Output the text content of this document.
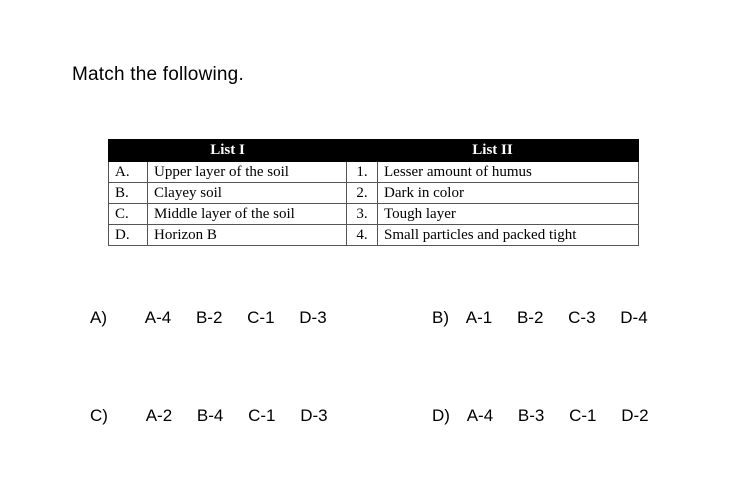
Match the following.
List I		List II	
A.	Upper layer of the soil	1.	Lesser amount of humus
B.	Clayey soil	2.	Dark in color
C.	Middle layer of the soil	3.	Tough layer
D.	Horizon B	4.	Small particles and packed tight
A) A-4 B-2 C-1 D-3	B) A-1 B-2 C-3 D-4
C) A-2 B-4 C-1 D-3	D) A-4 B-3 C-1 D-2
